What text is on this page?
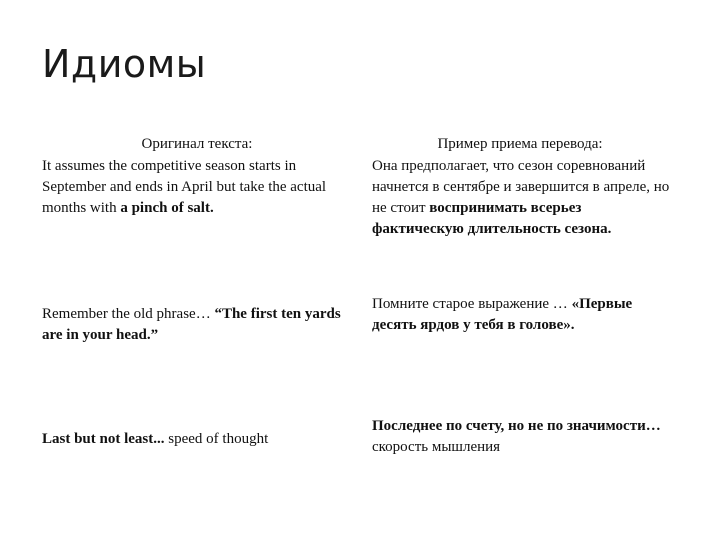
Идиомы
Оригинал текста:	Пример приема перевода:
It assumes the competitive season starts in September and ends in April but take the actual months with a pinch of salt.
Она предполагает, что сезон соревнований начнется в сентябре и завершится в апреле, но не стоит воспринимать всерьез фактическую длительность сезона.
Remember the old phrase… “The first ten yards are in your head.”
Помните старое выражение … «Первые десять ярдов у тебя в голове».
Last but not least... speed of thought
Последнее по счету, но не по значимости… скорость мышления
